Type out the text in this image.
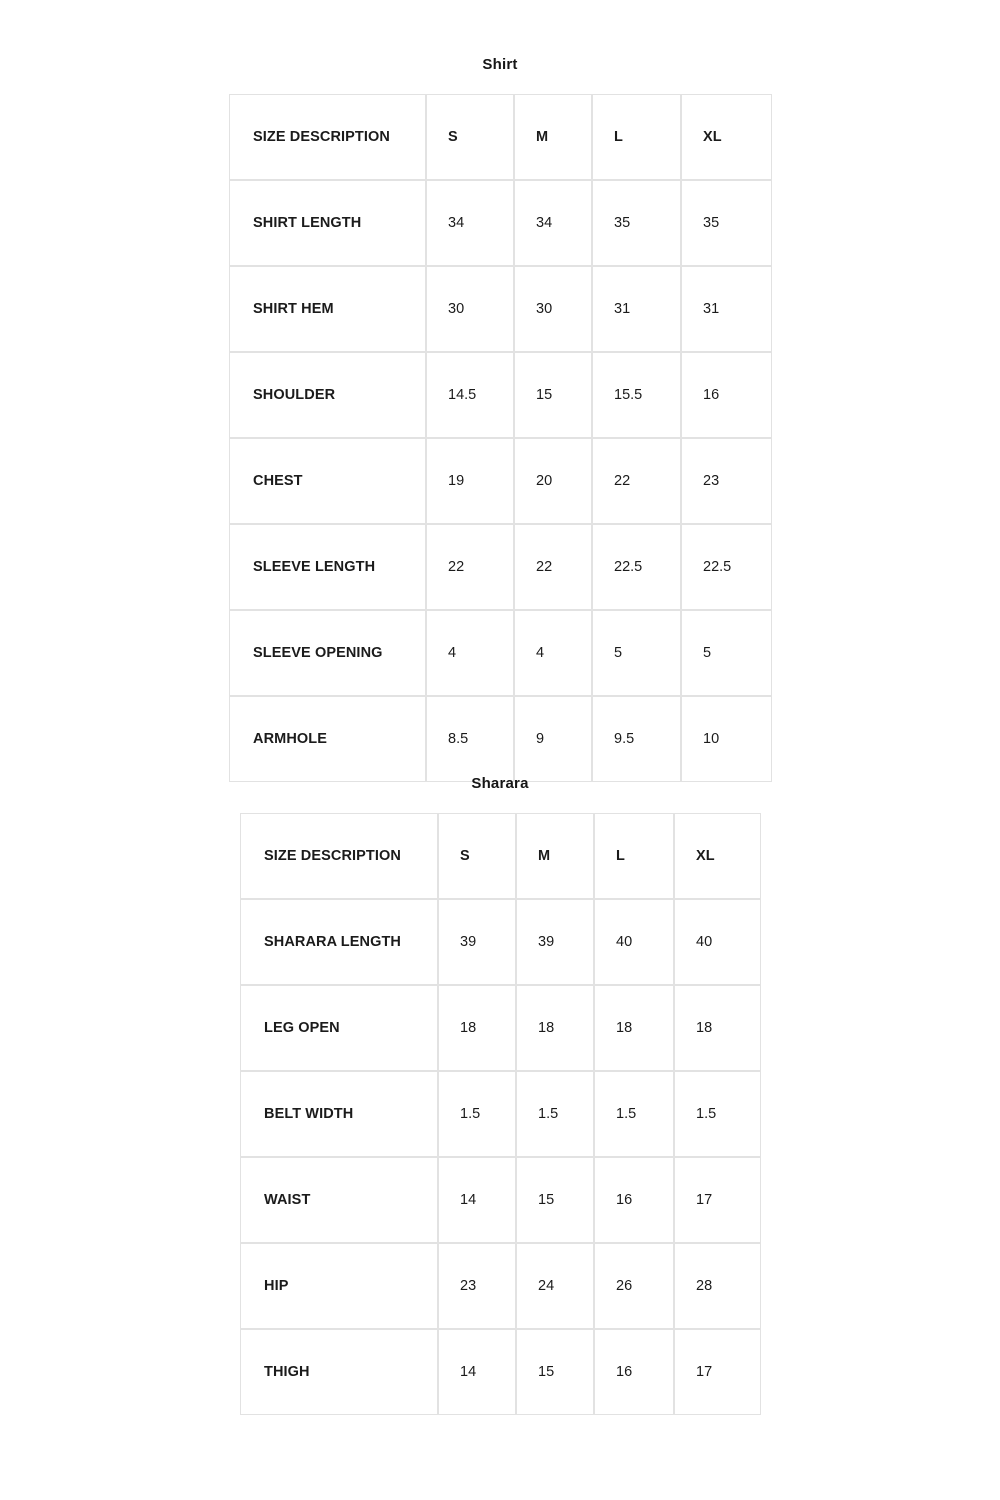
Shirt
SIZE DESCRIPTION	S	M	L	XL
SHIRT LENGTH	34	34	35	35
SHIRT HEM	30	30	31	31
SHOULDER	14.5	15	15.5	16
CHEST	19	20	22	23
SLEEVE LENGTH	22	22	22.5	22.5
SLEEVE OPENING	4	4	5	5
ARMHOLE	8.5	9	9.5	10
Sharara
SIZE DESCRIPTION	S	M	L	XL
SHARARA LENGTH	39	39	40	40
LEG OPEN	18	18	18	18
BELT WIDTH	1.5	1.5	1.5	1.5
WAIST	14	15	16	17
HIP	23	24	26	28
THIGH	14	15	16	17
